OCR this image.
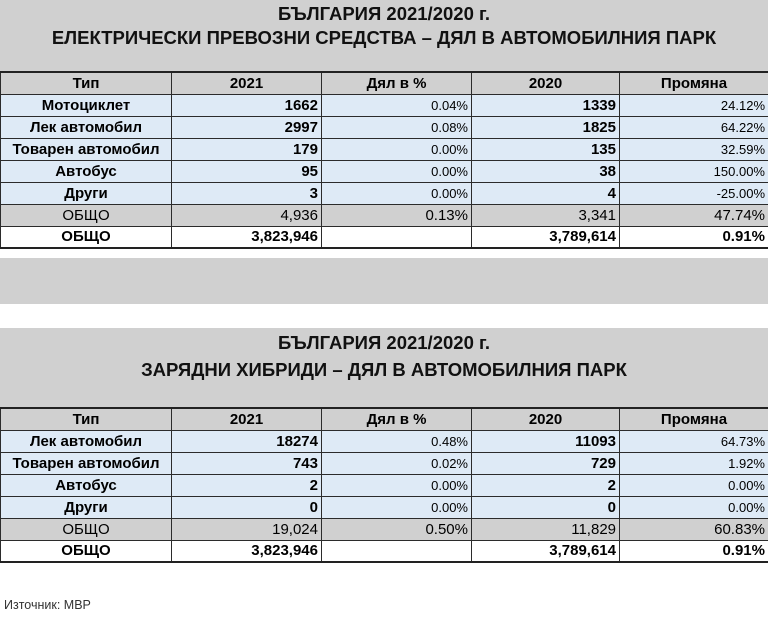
БЪЛГАРИЯ 2021/2020 г.
ЕЛЕКТРИЧЕСКИ ПРЕВОЗНИ СРЕДСТВА – ДЯЛ В АВТОМОБИЛНИЯ ПАРК
Тип	2021	Дял в %	2020	Промяна
Мотоциклет	1662	0.04%	1339	24.12%
Лек автомобил	2997	0.08%	1825	64.22%
Товарен автомобил	179	0.00%	135	32.59%
Автобус	95	0.00%	38	150.00%
Други	3	0.00%	4	-25.00%
ОБЩО	4,936	0.13%	3,341	47.74%
ОБЩО	3,823,946		3,789,614	0.91%
БЪЛГАРИЯ 2021/2020 г.
ЗАРЯДНИ ХИБРИДИ – ДЯЛ В АВТОМОБИЛНИЯ ПАРК
Тип	2021	Дял в %	2020	Промяна
Лек автомобил	18274	0.48%	11093	64.73%
Товарен автомобил	743	0.02%	729	1.92%
Автобус	2	0.00%	2	0.00%
Други	0	0.00%	0	0.00%
ОБЩО	19,024	0.50%	11,829	60.83%
ОБЩО	3,823,946		3,789,614	0.91%
Източник: МВР
